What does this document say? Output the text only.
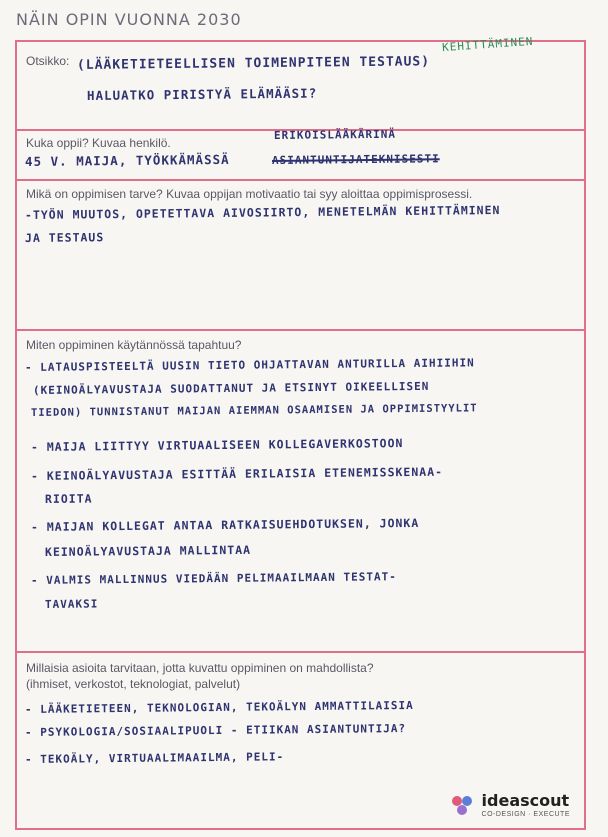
NÄIN OPIN VUONNA 2030
Otsikko:
KEHITTÄMINEN
(LÄÄKETIETEELLISEN TOIMENPITEEN TESTAUS)
HALUATKO PIRISTYÄ ELÄMÄÄSI?
Kuka oppii? Kuvaa henkilö.
ERIKOISLÄÄKÄRINÄ
45 V. MAIJA, TYÖKKÄMÄSSÄ	ASIANTUNTIJATEKNISESTI
Mikä on oppimisen tarve? Kuvaa oppijan motivaatio tai syy aloittaa oppimisprosessi.
-TYÖN MUUTOS, OPETETTAVA AIVOSIIRTO, MENETELMÄN KEHITTÄMINEN
JA TESTAUS
Miten oppiminen käytännössä tapahtuu?
- LATAUSPISTEELTÄ UUSIN TIETO OHJATTAVAN ANTURILLA AIHIIHIN
(KEINOÄLYAVUSTAJA SUODATTANUT JA ETSINYT OIKEELLISEN
TIEDON) TUNNISTANUT MAIJAN AIEMMAN OSAAMISEN JA OPPIMISTYYLIT
- MAIJA LIITTYY VIRTUAALISEEN KOLLEGAVERKOSTOON
- KEINOÄLYAVUSTAJA ESITTÄÄ ERILAISIA ETENEMISSKENAA-
RIOITA
- MAIJAN KOLLEGAT ANTAA RATKAISUEHDOTUKSEN, JONKA
KEINOÄLYAVUSTAJA MALLINTAA
- VALMIS MALLINNUS VIEDÄÄN PELIMAAILMAAN TESTAT-
TAVAKSI
Millaisia asioita tarvitaan, jotta kuvattu oppiminen on mahdollista?
(ihmiset, verkostot, teknologiat, palvelut)
- LÄÄKETIETEEN, TEKNOLOGIAN, TEKOÄLYN AMMATTILAISIA
- PSYKOLOGIA/SOSIAALIPUOLI - ETIIKAN ASIANTUNTIJA?
- TEKOÄLY, VIRTUAALIMAAILMA, PELI-
ideascout
CO-DESIGN · EXECUTE
